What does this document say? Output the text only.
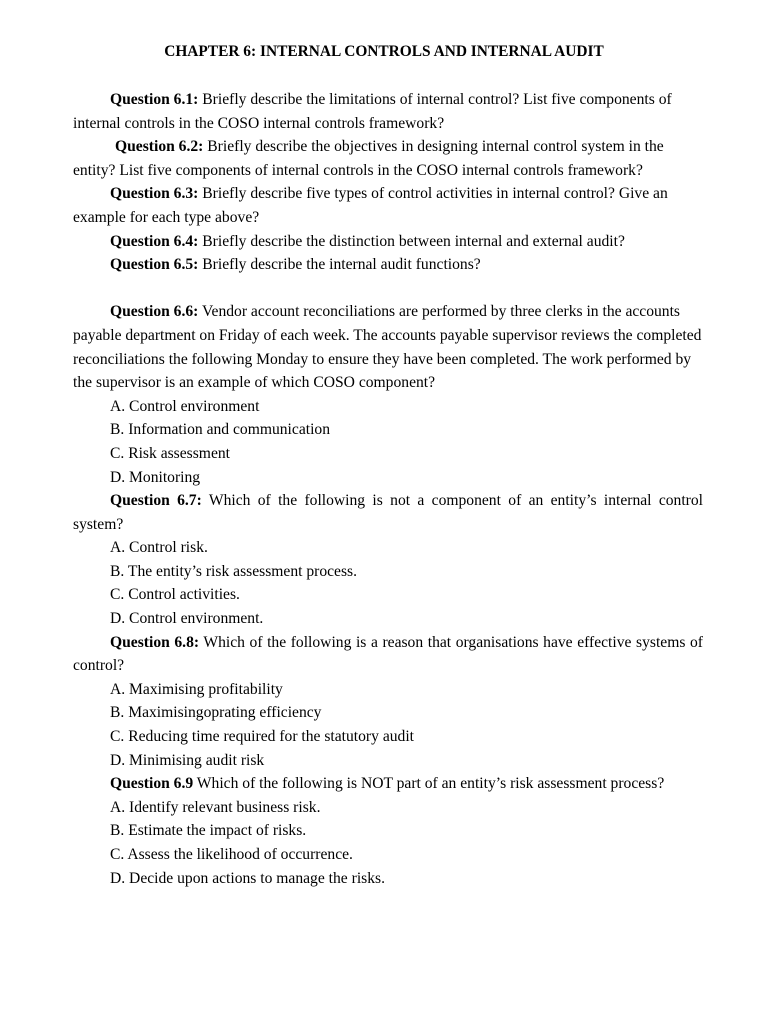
CHAPTER 6: INTERNAL CONTROLS AND INTERNAL AUDIT

Question 6.1: Briefly describe the limitations of internal control? List five components of internal controls in the COSO internal controls framework?

Question 6.2: Briefly describe the objectives in designing internal control system in the entity? List five components of internal controls in the COSO internal controls framework?

Question 6.3: Briefly describe five types of control activities in internal control? Give an example for each type above?

Question 6.4: Briefly describe the distinction between internal and external audit?

Question 6.5: Briefly describe the internal audit functions?

Question 6.6: Vendor account reconciliations are performed by three clerks in the accounts payable department on Friday of each week. The accounts payable supervisor reviews the completed reconciliations the following Monday to ensure they have been completed. The work performed by the supervisor is an example of which COSO component?

A. Control environment

B. Information and communication

C. Risk assessment

D. Monitoring

Question 6.7: Which of the following is not a component of an entity’s internal control system?

A. Control risk.

B. The entity’s risk assessment process.

C. Control activities.

D. Control environment.

Question 6.8: Which of the following is a reason that organisations have effective systems of control?

A. Maximising profitability

B. Maximisingoprating efficiency

C. Reducing time required for the statutory audit

D. Minimising audit risk

Question 6.9 Which of the following is NOT part of an entity’s risk assessment process?

A. Identify relevant business risk.

B. Estimate the impact of risks.

C. Assess the likelihood of occurrence.

D. Decide upon actions to manage the risks.
